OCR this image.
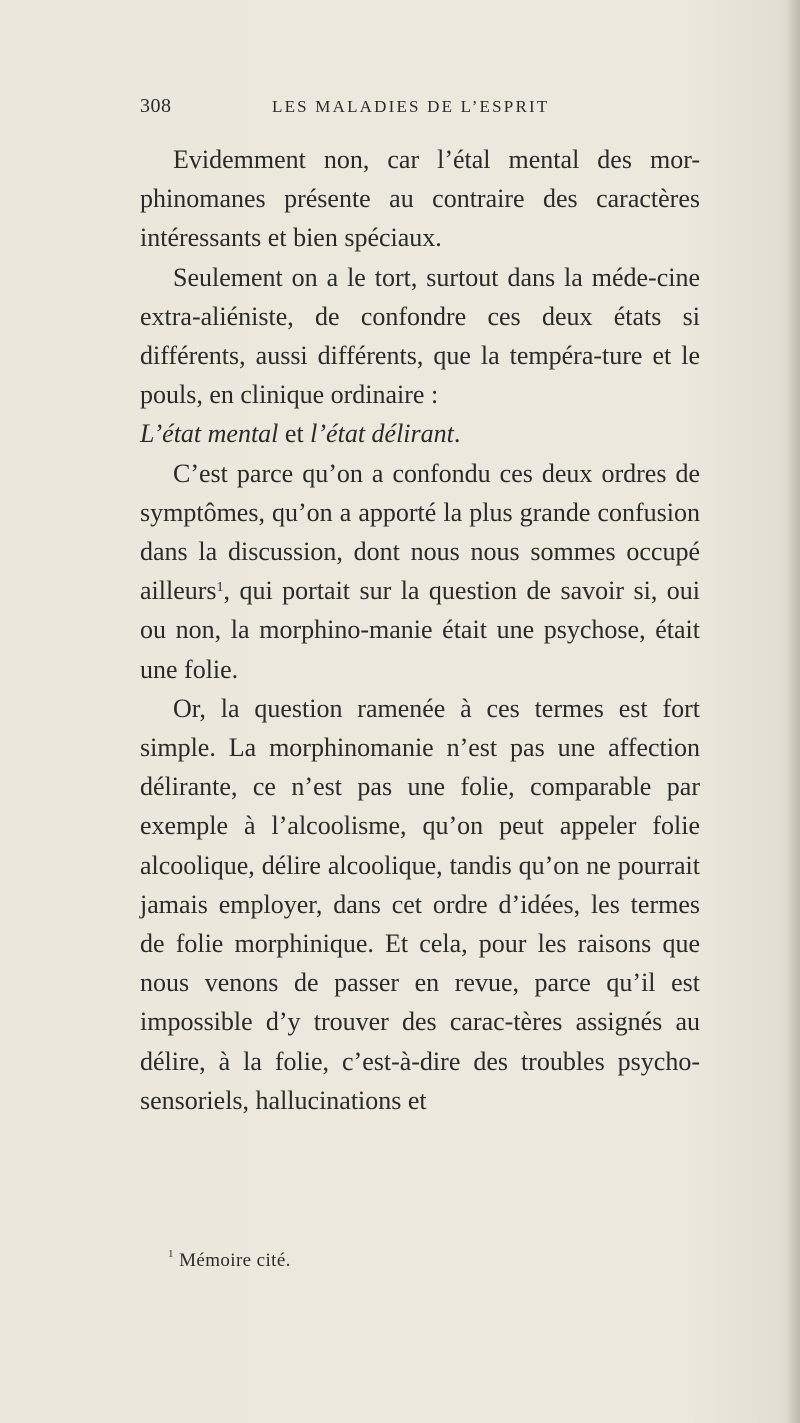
308	LES MALADIES DE L’ESPRIT

Evidemment non, car l’étal mental des mor-phinomanes présente au contraire des caractères intéressants et bien spéciaux.

Seulement on a le tort, surtout dans la méde-cine extra-aliéniste, de confondre ces deux états si différents, aussi différents, que la tempéra-ture et le pouls, en clinique ordinaire :
L’état mental et l’état délirant.

C’est parce qu’on a confondu ces deux ordres de symptômes, qu’on a apporté la plus grande confusion dans la discussion, dont nous nous sommes occupé ailleurs$^1$, qui portait sur la question de savoir si, oui ou non, la morphino-manie était une psychose, était une folie.

Or, la question ramenée à ces termes est fort simple. La morphinomanie n’est pas une affection délirante, ce n’est pas une folie, comparable par exemple à l’alcoolisme, qu’on peut appeler folie alcoolique, délire alcoolique, tandis qu’on ne pourrait jamais employer, dans cet ordre d’idées, les termes de folie morphinique. Et cela, pour les raisons que nous venons de passer en revue, parce qu’il est impossible d’y trouver des carac-tères assignés au délire, à la folie, c’est-à-dire des troubles psycho-sensoriels, hallucinations et

$^1$ Mémoire cité.
